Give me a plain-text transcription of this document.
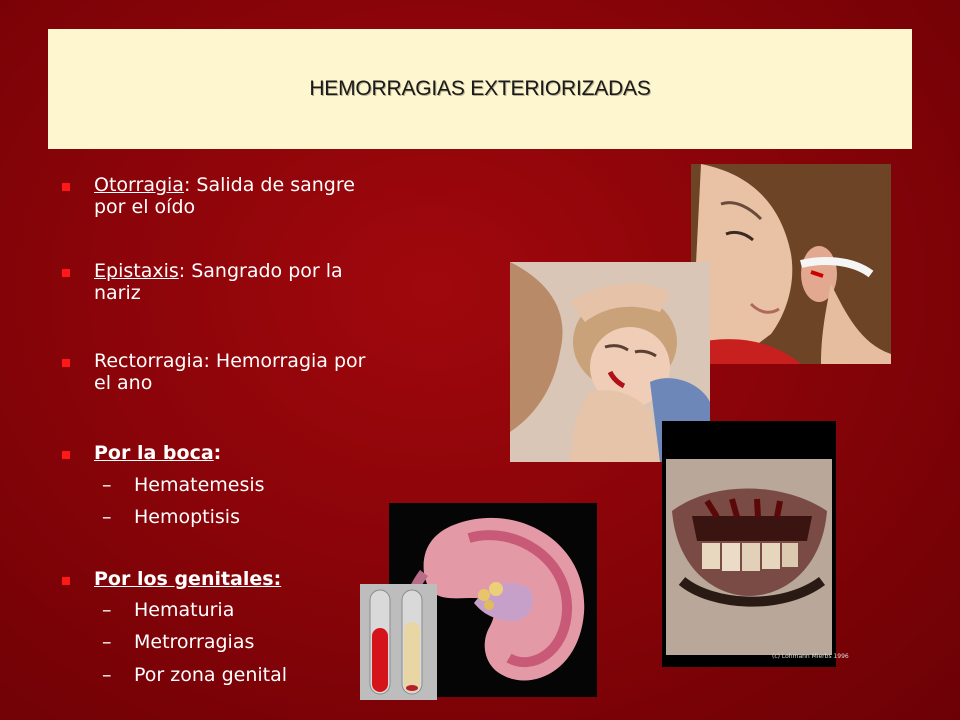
HEMORRAGIAS EXTERIORIZADAS
Otorragia: Salida de sangre
por el oído
Epistaxis: Sangrado por la
nariz
Rectorragia: Hemorragia por
el ano
Por la boca:
– Hematemesis
– Hemoptisis
Por los genitales:
– Hematuria
– Metrorragias
– Por zona genital
(c) Lohmann Mierbs 1996
